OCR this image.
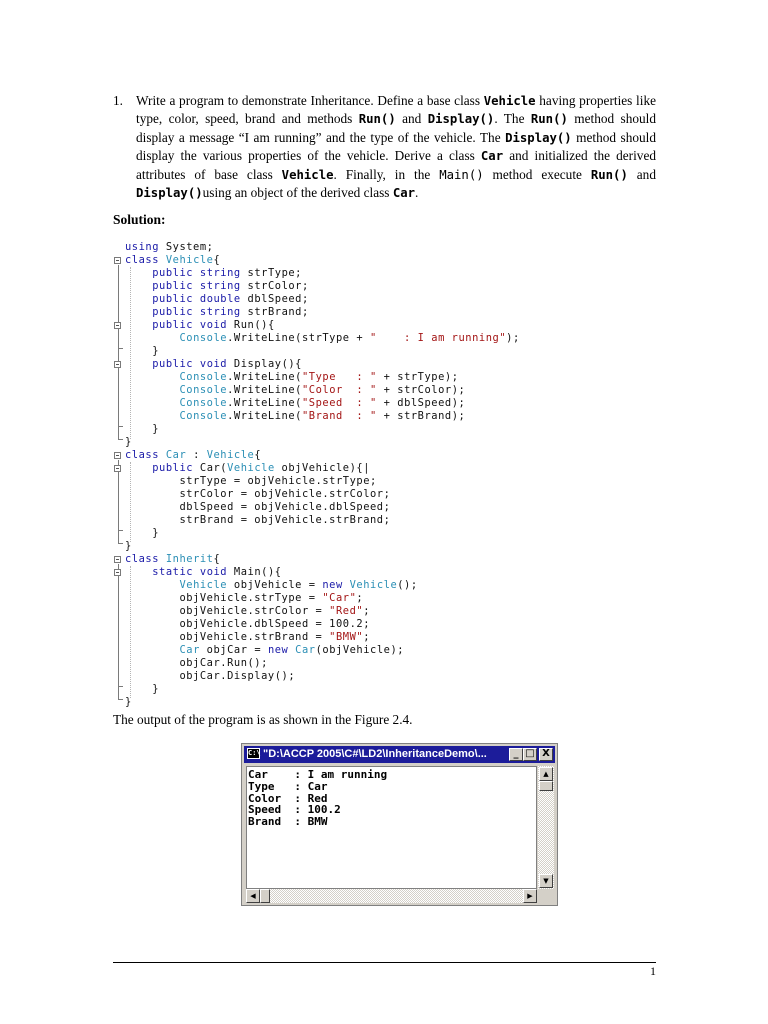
1. Write a program to demonstrate Inheritance. Define a base class Vehicle having properties like type, color, speed, brand and methods Run() and Display(). The Run() method should display a message “I am running” and the type of the vehicle. The Display() method should display the various properties of the vehicle. Derive a class Car and initialized the derived attributes of base class Vehicle. Finally, in the Main() method execute Run() and Display()using an object of the derived class Car.
Solution:
using System;
class Vehicle{
public string strType;
public string strColor;
public double dblSpeed;
public string strBrand;
public void Run(){
Console.WriteLine(strType + "    : I am running");
}
public void Display(){
Console.WriteLine("Type   : " + strType);
Console.WriteLine("Color  : " + strColor);
Console.WriteLine("Speed  : " + dblSpeed);
Console.WriteLine("Brand  : " + strBrand);
}
}
class Car : Vehicle{
public Car(Vehicle objVehicle){|
strType = objVehicle.strType;
strColor = objVehicle.strColor;
dblSpeed = objVehicle.dblSpeed;
strBrand = objVehicle.strBrand;
}
}
class Inherit{
static void Main(){
Vehicle objVehicle = new Vehicle();
objVehicle.strType = "Car";
objVehicle.strColor = "Red";
objVehicle.dblSpeed = 100.2;
objVehicle.strBrand = "BMW";
Car objCar = new Car(objVehicle);
objCar.Run();
objCar.Display();
}
}
The output of the program is as shown in the Figure 2.4.
C:\ "D:\ACCP 2005\C#\LD2\InheritanceDemo\...	_ □ X
Car    : I am running
Type   : Car
Color  : Red
Speed  : 100.2
Brand  : BMW
▲
▼
◀	▶
1
